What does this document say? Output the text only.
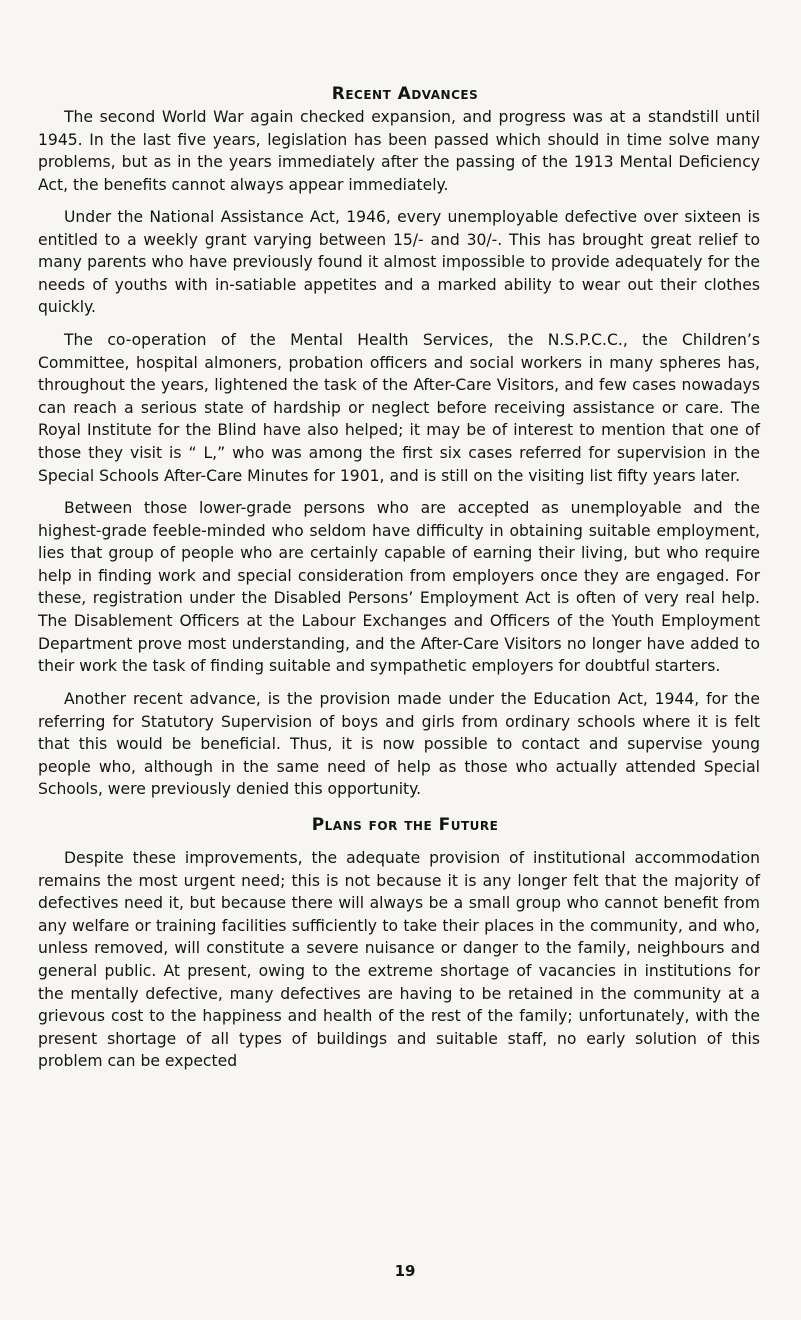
Recent Advances

The second World War again checked expansion, and progress was at a standstill until 1945. In the last five years, legislation has been passed which should in time solve many problems, but as in the years immediately after the passing of the 1913 Mental Deficiency Act, the benefits cannot always appear immediately.

Under the National Assistance Act, 1946, every unemployable defective over sixteen is entitled to a weekly grant varying between 15/- and 30/-. This has brought great relief to many parents who have previously found it almost impossible to provide adequately for the needs of youths with in-satiable appetites and a marked ability to wear out their clothes quickly.

The co-operation of the Mental Health Services, the N.S.P.C.C., the Children’s Committee, hospital almoners, probation officers and social workers in many spheres has, throughout the years, lightened the task of the After-Care Visitors, and few cases nowadays can reach a serious state of hardship or neglect before receiving assistance or care. The Royal Institute for the Blind have also helped; it may be of interest to mention that one of those they visit is “ L,” who was among the first six cases referred for supervision in the Special Schools After-Care Minutes for 1901, and is still on the visiting list fifty years later.

Between those lower-grade persons who are accepted as unemployable and the highest-grade feeble-minded who seldom have difficulty in obtaining suitable employment, lies that group of people who are certainly capable of earning their living, but who require help in finding work and special consideration from employers once they are engaged. For these, registration under the Disabled Persons’ Employment Act is often of very real help. The Disablement Officers at the Labour Exchanges and Officers of the Youth Employment Department prove most understanding, and the After-Care Visitors no longer have added to their work the task of finding suitable and sympathetic employers for doubtful starters.

Another recent advance, is the provision made under the Education Act, 1944, for the referring for Statutory Supervision of boys and girls from ordinary schools where it is felt that this would be beneficial. Thus, it is now possible to contact and supervise young people who, although in the same need of help as those who actually attended Special Schools, were previously denied this opportunity.

Plans for the Future

Despite these improvements, the adequate provision of institutional accommodation remains the most urgent need; this is not because it is any longer felt that the majority of defectives need it, but because there will always be a small group who cannot benefit from any welfare or training facilities sufficiently to take their places in the community, and who, unless removed, will constitute a severe nuisance or danger to the family, neighbours and general public. At present, owing to the extreme shortage of vacancies in institutions for the mentally defective, many defectives are having to be retained in the community at a grievous cost to the happiness and health of the rest of the family; unfortunately, with the present shortage of all types of buildings and suitable staff, no early solution of this problem can be expected

19
